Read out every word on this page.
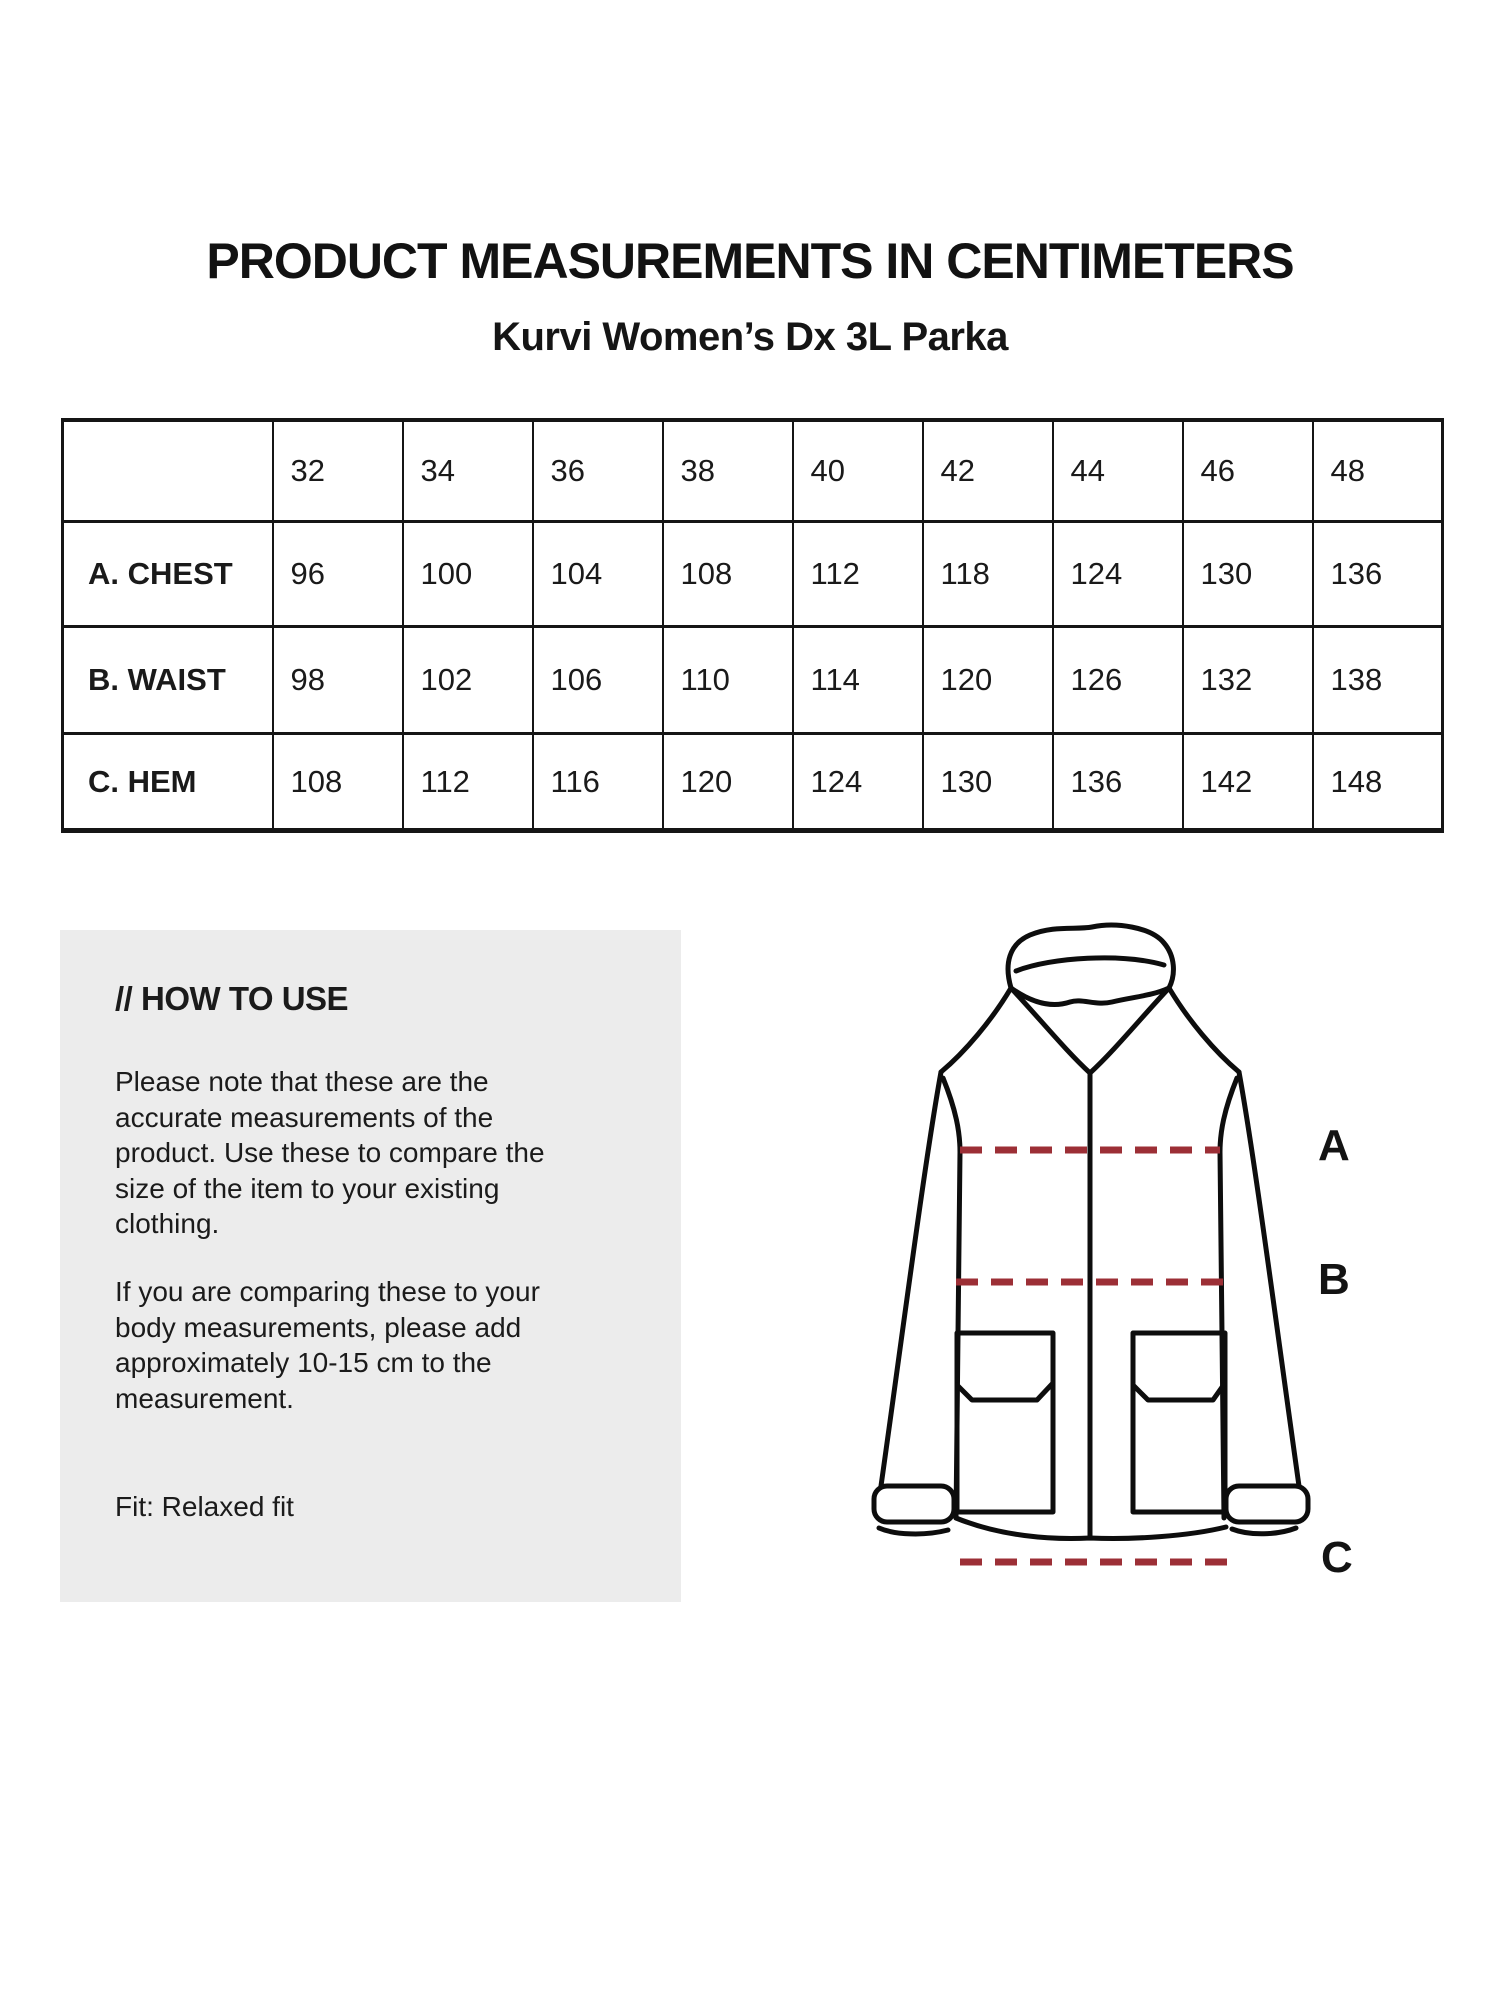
PRODUCT MEASUREMENTS IN CENTIMETERS
Kurvi Women’s Dx 3L Parka
	32	34	36	38	40	42	44	46	48
A. CHEST	96	100	104	108	112	118	124	130	136
B. WAIST	98	102	106	110	114	120	126	132	138
C. HEM	108	112	116	120	124	130	136	142	148
// HOW TO USE
Please note that these are the
accurate measurements of the
product. Use these to compare the
size of the item to your existing
clothing.
If you are comparing these to your
body measurements, please add
approximately 10-15 cm to the
measurement.
Fit: Relaxed fit
A
B
C
